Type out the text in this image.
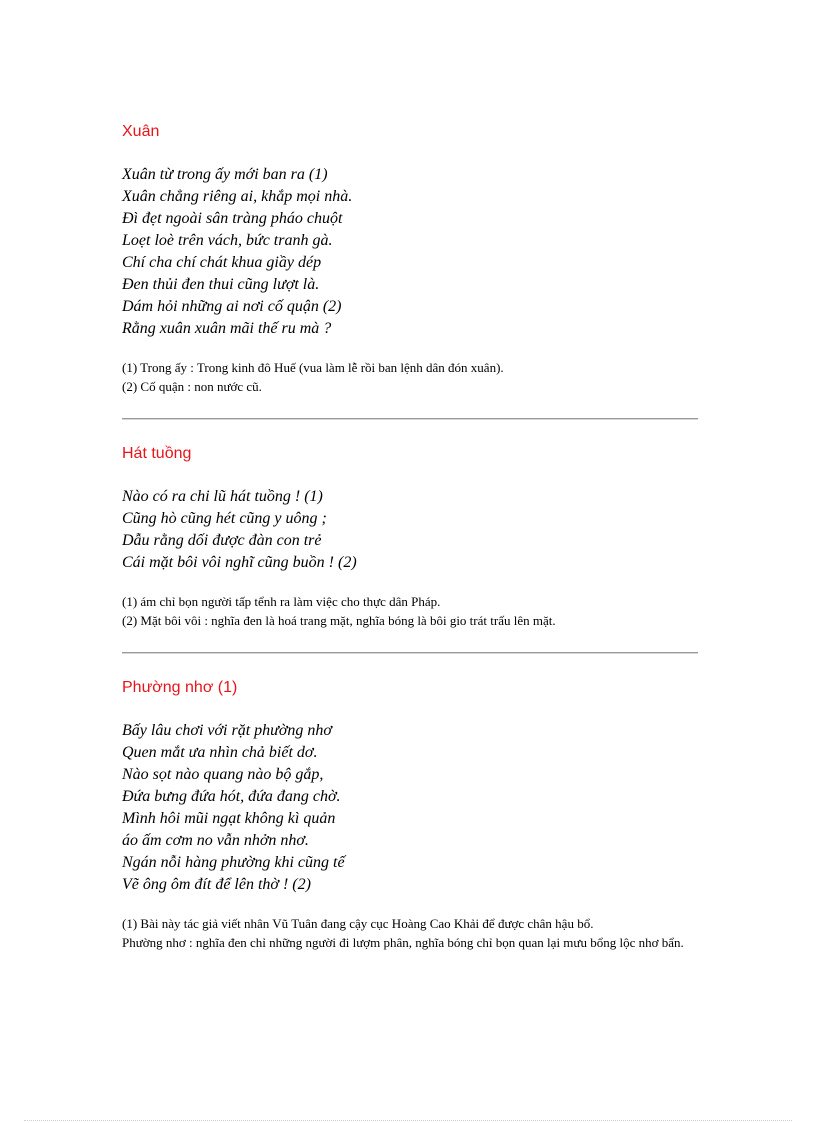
Xuân
Xuân từ trong ấy mới ban ra (1)
Xuân chẳng riêng ai, khắp mọi nhà.
Đì đẹt ngoài sân tràng pháo chuột
Loẹt loè trên vách, bức tranh gà.
Chí cha chí chát khua giầy dép
Đen thủi đen thui cũng lượt là.
Dám hỏi những ai nơi cố quận (2)
Rằng xuân xuân mãi thế ru mà ?
(1) Trong ấy : Trong kinh đô Huế (vua làm lễ rồi ban lệnh dân đón xuân).
(2) Cố quận : non nước cũ.
Hát tuồng
Nào có ra chi lũ hát tuồng ! (1)
Cũng hò cũng hét cũng y uông ;
Dẫu rằng dối được đàn con trẻ
Cái mặt bôi vôi nghĩ cũng buồn ! (2)
(1) ám chỉ bọn người tấp tểnh ra làm việc cho thực dân Pháp.
(2) Mặt bôi vôi : nghĩa đen là hoá trang mặt, nghĩa bóng là bôi gio trát trấu lên mặt.
Phường nhơ (1)
Bấy lâu chơi với rặt phường nhơ
Quen mắt ưa nhìn chả biết dơ.
Nào sọt nào quang nào bộ gắp,
Đứa bưng đứa hót, đứa đang chờ.
Mình hôi mũi ngạt không kì quản
áo ấm cơm no vẫn nhởn nhơ.
Ngán nỗi hàng phường khi cũng tế
Vẽ ông ôm đít để lên thờ ! (2)
(1) Bài này tác giả viết nhân Vũ Tuân đang cậy cục Hoàng Cao Khải để được chân hậu bổ.
Phường nhơ : nghĩa đen chỉ những người đi lượm phân, nghĩa bóng chỉ bọn quan lại mưu bổng lộc nhơ bẩn.
